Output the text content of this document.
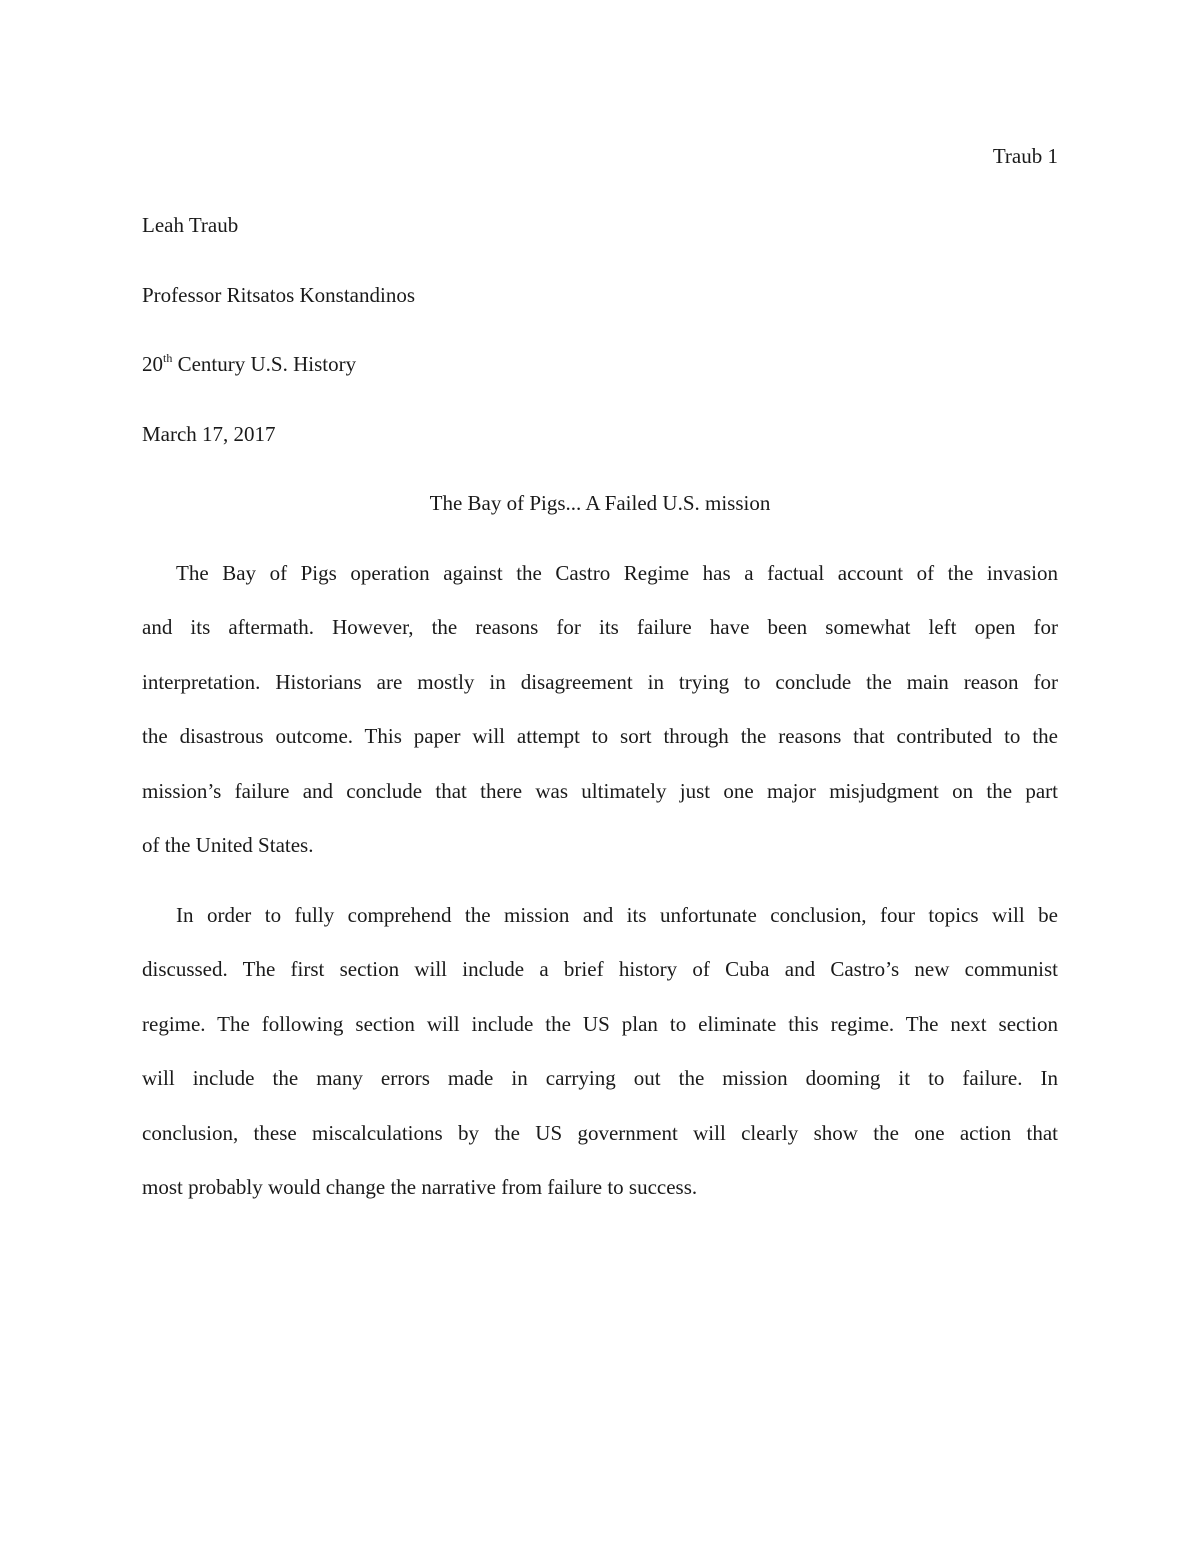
Traub 1
Leah Traub
Professor Ritsatos Konstandinos
20th Century U.S. History
March 17, 2017
The Bay of Pigs... A Failed U.S. mission
The Bay of Pigs operation against the Castro Regime has a factual account of the invasion
and its aftermath. However, the reasons for its failure have been somewhat left open for
interpretation. Historians are mostly in disagreement in trying to conclude the main reason for
the disastrous outcome. This paper will attempt to sort through the reasons that contributed to the
mission’s failure and conclude that there was ultimately just one major misjudgment on the part
of the United States.
In order to fully comprehend the mission and its unfortunate conclusion, four topics will be
discussed. The first section will include a brief history of Cuba and Castro’s new communist
regime. The following section will include the US plan to eliminate this regime. The next section
will include the many errors made in carrying out the mission dooming it to failure. In
conclusion, these miscalculations by the US government will clearly show the one action that
most probably would change the narrative from failure to success.
